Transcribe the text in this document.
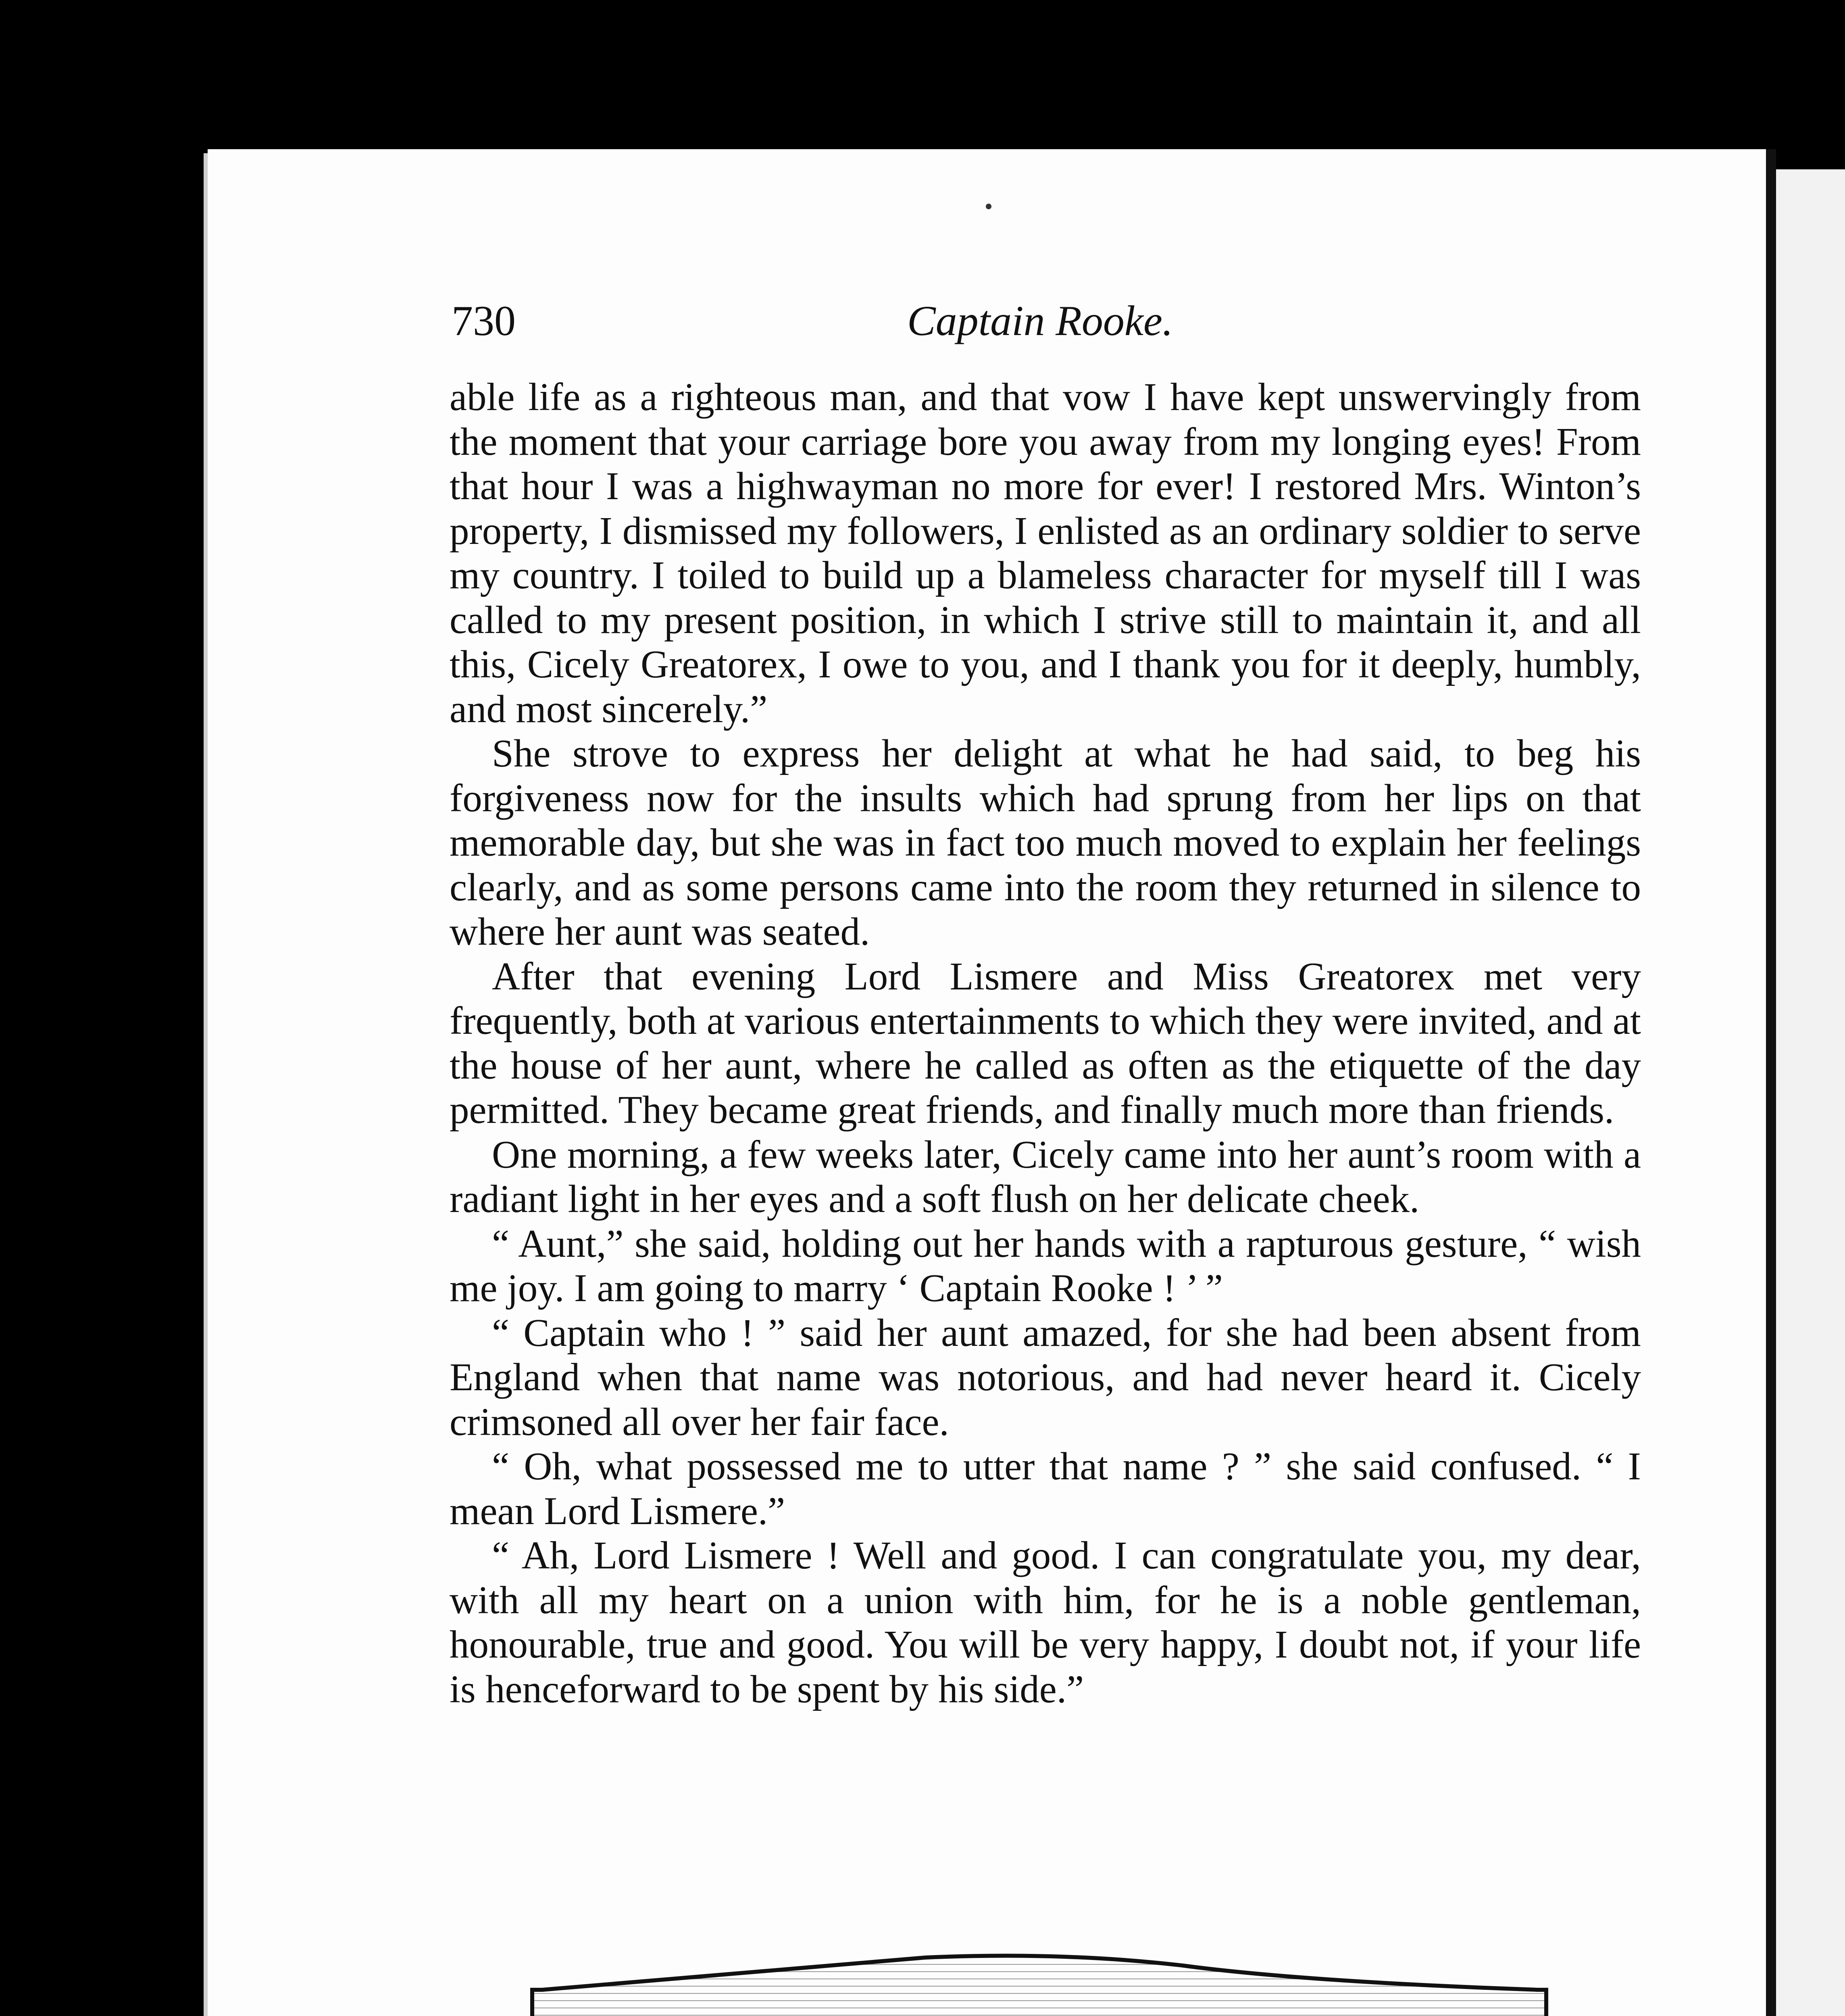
730	Captain Rooke.

able life as a righteous man, and that vow I have kept unswervingly from the moment that your carriage bore you away from my longing eyes! From that hour I was a highwayman no more for ever! I restored Mrs. Winton’s property, I dismissed my followers, I enlisted as an ordinary soldier to serve my country. I toiled to build up a blameless character for myself till I was called to my present position, in which I strive still to maintain it, and all this, Cicely Greatorex, I owe to you, and I thank you for it deeply, humbly, and most sincerely.”

She strove to express her delight at what he had said, to beg his forgiveness now for the insults which had sprung from her lips on that memorable day, but she was in fact too much moved to explain her feelings clearly, and as some persons came into the room they returned in silence to where her aunt was seated.

After that evening Lord Lismere and Miss Greatorex met very frequently, both at various entertainments to which they were invited, and at the house of her aunt, where he called as often as the etiquette of the day permitted. They became great friends, and finally much more than friends.

One morning, a few weeks later, Cicely came into her aunt’s room with a radiant light in her eyes and a soft flush on her delicate cheek.

“ Aunt,” she said, holding out her hands with a rapturous gesture, “ wish me joy. I am going to marry ‘ Captain Rooke ! ’ ”

“ Captain who ! ” said her aunt amazed, for she had been absent from England when that name was notorious, and had never heard it. Cicely crimsoned all over her fair face.

“ Oh, what possessed me to utter that name ? ” she said confused. “ I mean Lord Lismere.”

“ Ah, Lord Lismere ! Well and good. I can congratulate you, my dear, with all my heart on a union with him, for he is a noble gentleman, honourable, true and good. You will be very happy, I doubt not, if your life is henceforward to be spent by his side.”
